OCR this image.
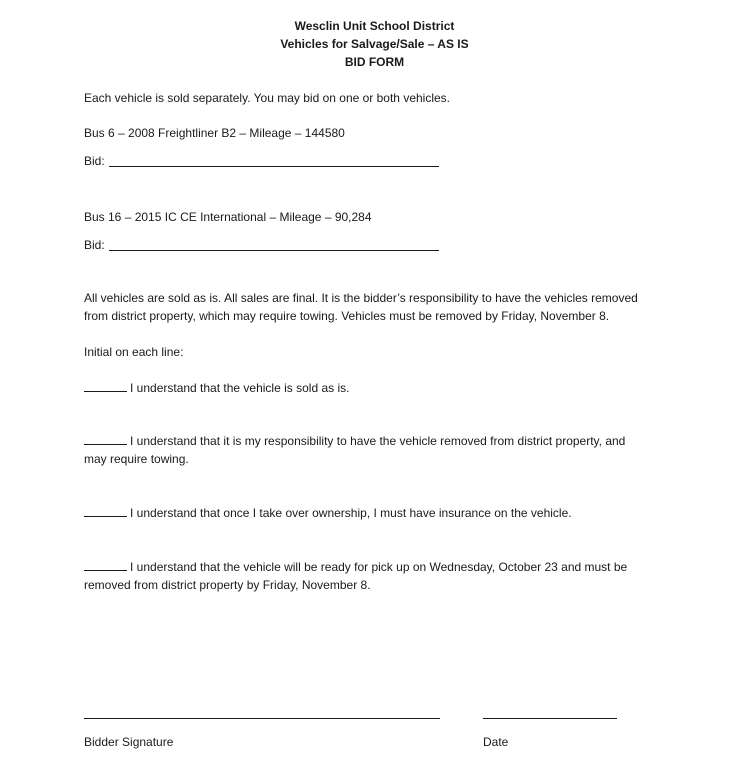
Wesclin Unit School District
Vehicles for Salvage/Sale – AS IS
BID FORM
Each vehicle is sold separately. You may bid on one or both vehicles.
Bus 6 – 2008 Freightliner B2 – Mileage – 144580
Bid:
Bus 16 – 2015 IC CE International – Mileage – 90,284
Bid:
All vehicles are sold as is. All sales are final. It is the bidder’s responsibility to have the vehicles removed
from district property, which may require towing. Vehicles must be removed by Friday, November 8.
Initial on each line:
I understand that the vehicle is sold as is.
I understand that it is my responsibility to have the vehicle removed from district property, and
may require towing.
I understand that once I take over ownership, I must have insurance on the vehicle.
I understand that the vehicle will be ready for pick up on Wednesday, October 23 and must be
removed from district property by Friday, November 8.
Bidder Signature	Date
